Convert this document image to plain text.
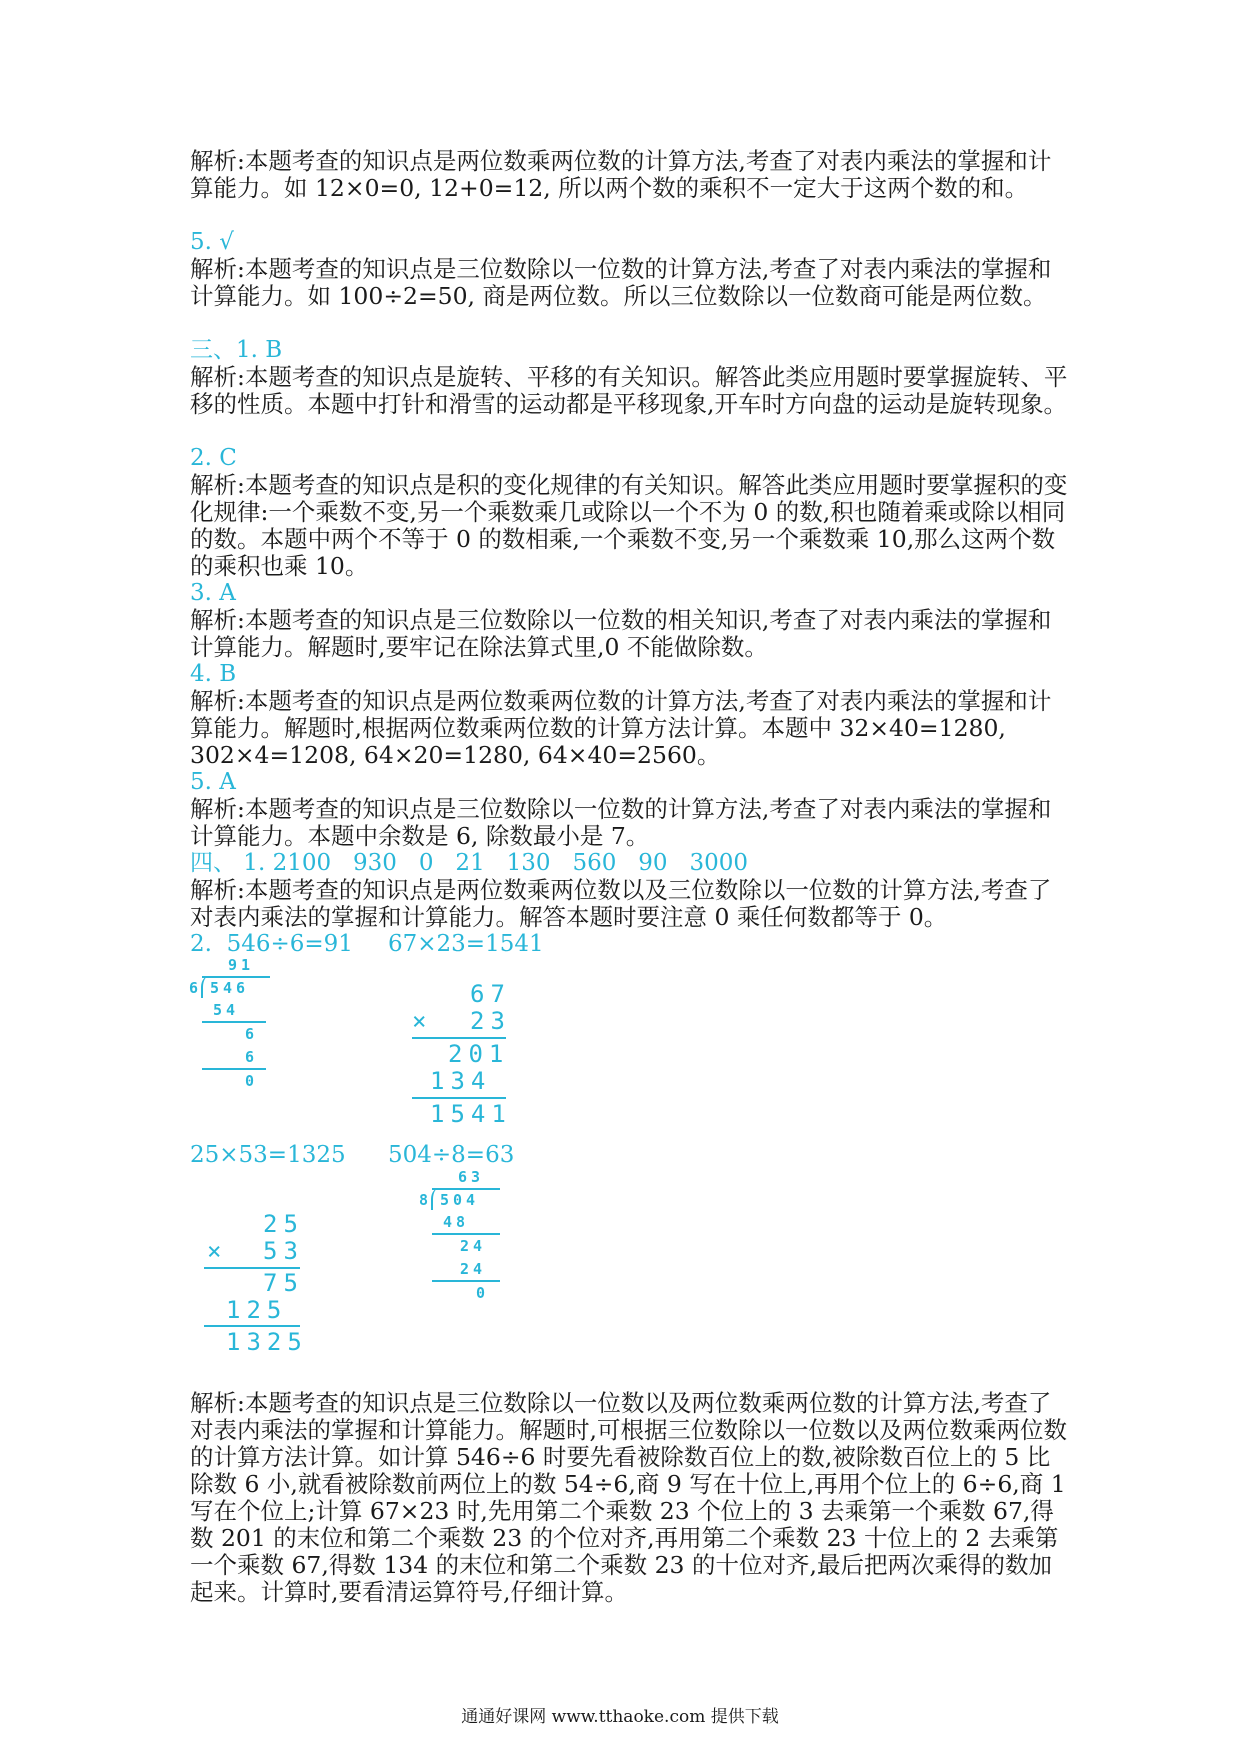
解析:本题考查的知识点是两位数乘两位数的计算方法,考查了对表内乘法的掌握和计算能力。如 12×0=0, 12+0=12, 所以两个数的乘积不一定大于这两个数的和。

5. √

解析:本题考查的知识点是三位数除以一位数的计算方法,考查了对表内乘法的掌握和计算能力。如 100÷2=50, 商是两位数。所以三位数除以一位数商可能是两位数。

三、1. B

解析:本题考查的知识点是旋转、平移的有关知识。解答此类应用题时要掌握旋转、平移的性质。本题中打针和滑雪的运动都是平移现象,开车时方向盘的运动是旋转现象。

2. C

解析:本题考查的知识点是积的变化规律的有关知识。解答此类应用题时要掌握积的变化规律:一个乘数不变,另一个乘数乘几或除以一个不为 0 的数,积也随着乘或除以相同的数。本题中两个不等于 0 的数相乘,一个乘数不变,另一个乘数乘 10,那么这两个数的乘积也乘 10。

3. A

解析:本题考查的知识点是三位数除以一位数的相关知识,考查了对表内乘法的掌握和计算能力。解题时,要牢记在除法算式里,0 不能做除数。

4. B

解析:本题考查的知识点是两位数乘两位数的计算方法,考查了对表内乘法的掌握和计算能力。解题时,根据两位数乘两位数的计算方法计算。本题中 32×40=1280, 302×4=1208, 64×20=1280, 64×40=2560。

5. A

解析:本题考查的知识点是三位数除以一位数的计算方法,考查了对表内乘法的掌握和计算能力。本题中余数是 6, 除数最小是 7。

四、 1. 2100   930   0   21   130   560   90   3000

解析:本题考查的知识点是两位数乘两位数以及三位数除以一位数的计算方法,考查了对表内乘法的掌握和计算能力。解答本题时要注意 0 乘任何数都等于 0。

2.  546÷6=91 67×23=1541

91
6 546
54
6
6
0
67
× 23
201
134
1541

25×53=1325 504÷8=63

25
× 53
75
125
1325
63
8 504
48
24
24
0

解析:本题考查的知识点是三位数除以一位数以及两位数乘两位数的计算方法,考查了对表内乘法的掌握和计算能力。解题时,可根据三位数除以一位数以及两位数乘两位数的计算方法计算。如计算 546÷6 时要先看被除数百位上的数,被除数百位上的 5 比除数 6 小,就看被除数前两位上的数 54÷6,商 9 写在十位上,再用个位上的 6÷6,商 1 写在个位上;计算 67×23 时,先用第二个乘数 23 个位上的 3 去乘第一个乘数 67,得数 201 的末位和第二个乘数 23 的个位对齐,再用第二个乘数 23 十位上的 2 去乘第一个乘数 67,得数 134 的末位和第二个乘数 23 的十位对齐,最后把两次乘得的数加起来。计算时,要看清运算符号,仔细计算。

通通好课网 www.tthaoke.com 提供下载
